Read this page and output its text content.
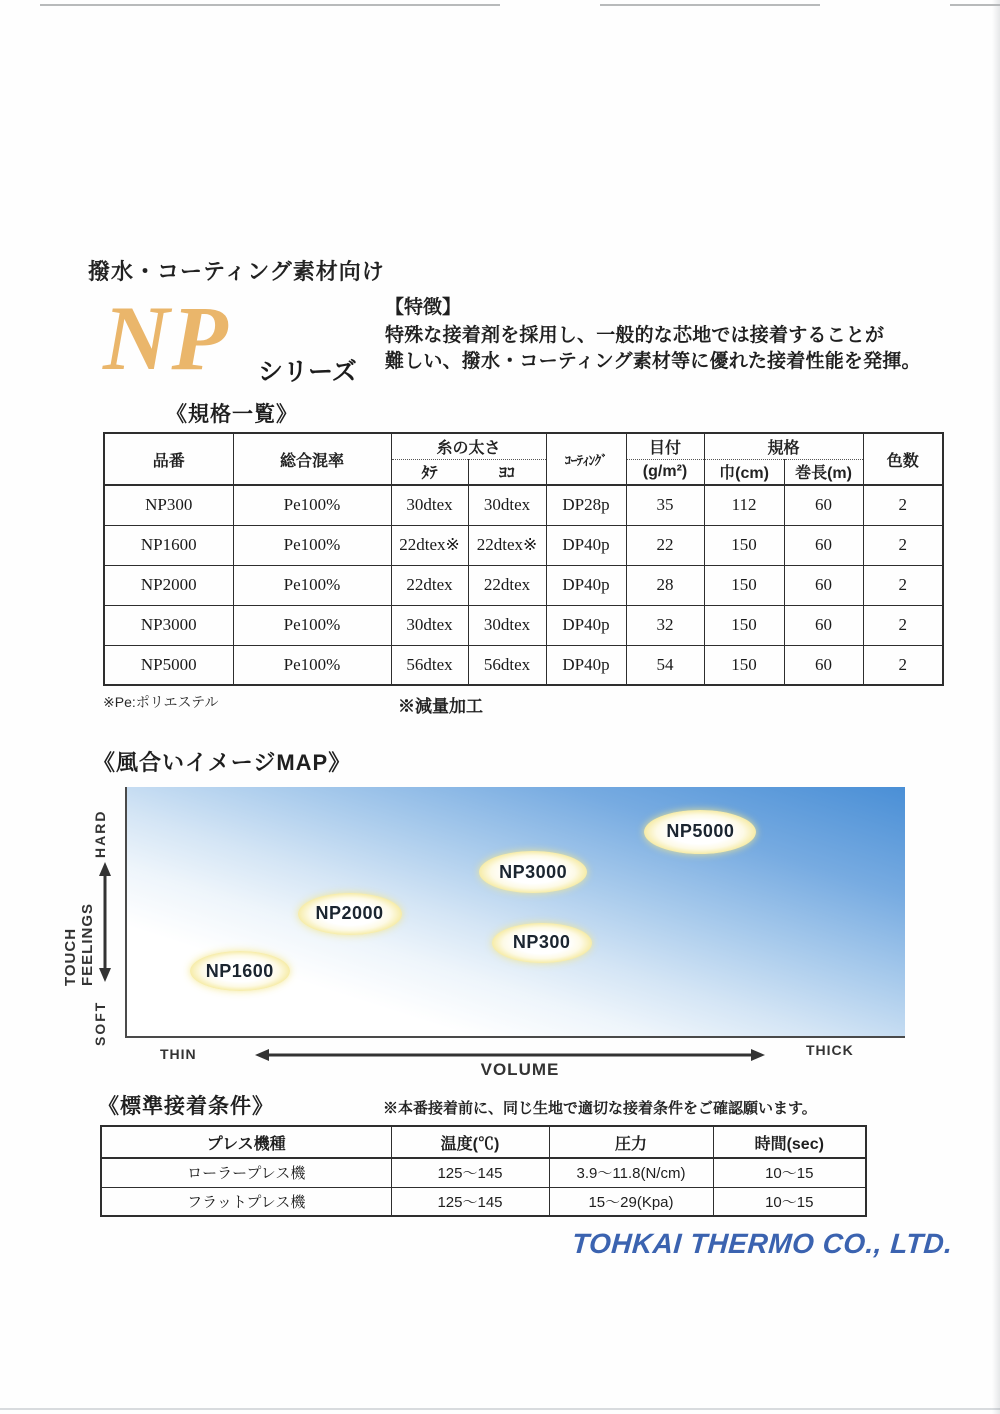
撥水・コーティング素材向け
NP シリーズ
【特徴】
特殊な接着剤を採用し、一般的な芯地では接着することが
難しい、撥水・コーティング素材等に優れた接着性能を発揮。
《規格一覧》
品番	総合混率	糸の太さ		ｺｰﾃｨﾝｸﾞ	目付	規格		色数
		ﾀﾃ	ﾖｺ		(g/m²)	巾(cm)	巻長(m)	
NP300	Pe100%	30dtex	30dtex	DP28p	35	112	60	2
NP1600	Pe100%	22dtex※	22dtex※	DP40p	22	150	60	2
NP2000	Pe100%	22dtex	22dtex	DP40p	28	150	60	2
NP3000	Pe100%	30dtex	30dtex	DP40p	32	150	60	2
NP5000	Pe100%	56dtex	56dtex	DP40p	54	150	60	2
※Pe:ポリエステル	※減量加工
《風合いイメージMAP》
NP5000
NP3000
NP2000
NP300
NP1600
HARD
SOFT
TOUCH FEELINGS
THIN	THICK
VOLUME
《標準接着条件》	※本番接着前に、同じ生地で適切な接着条件をご確認願います。
プレス機種	温度(℃)	圧力	時間(sec)
ローラープレス機	125〜145	3.9〜11.8(N/cm)	10〜15
フラットプレス機	125〜145	15〜29(Kpa)	10〜15
TOHKAI THERMO CO., LTD.
